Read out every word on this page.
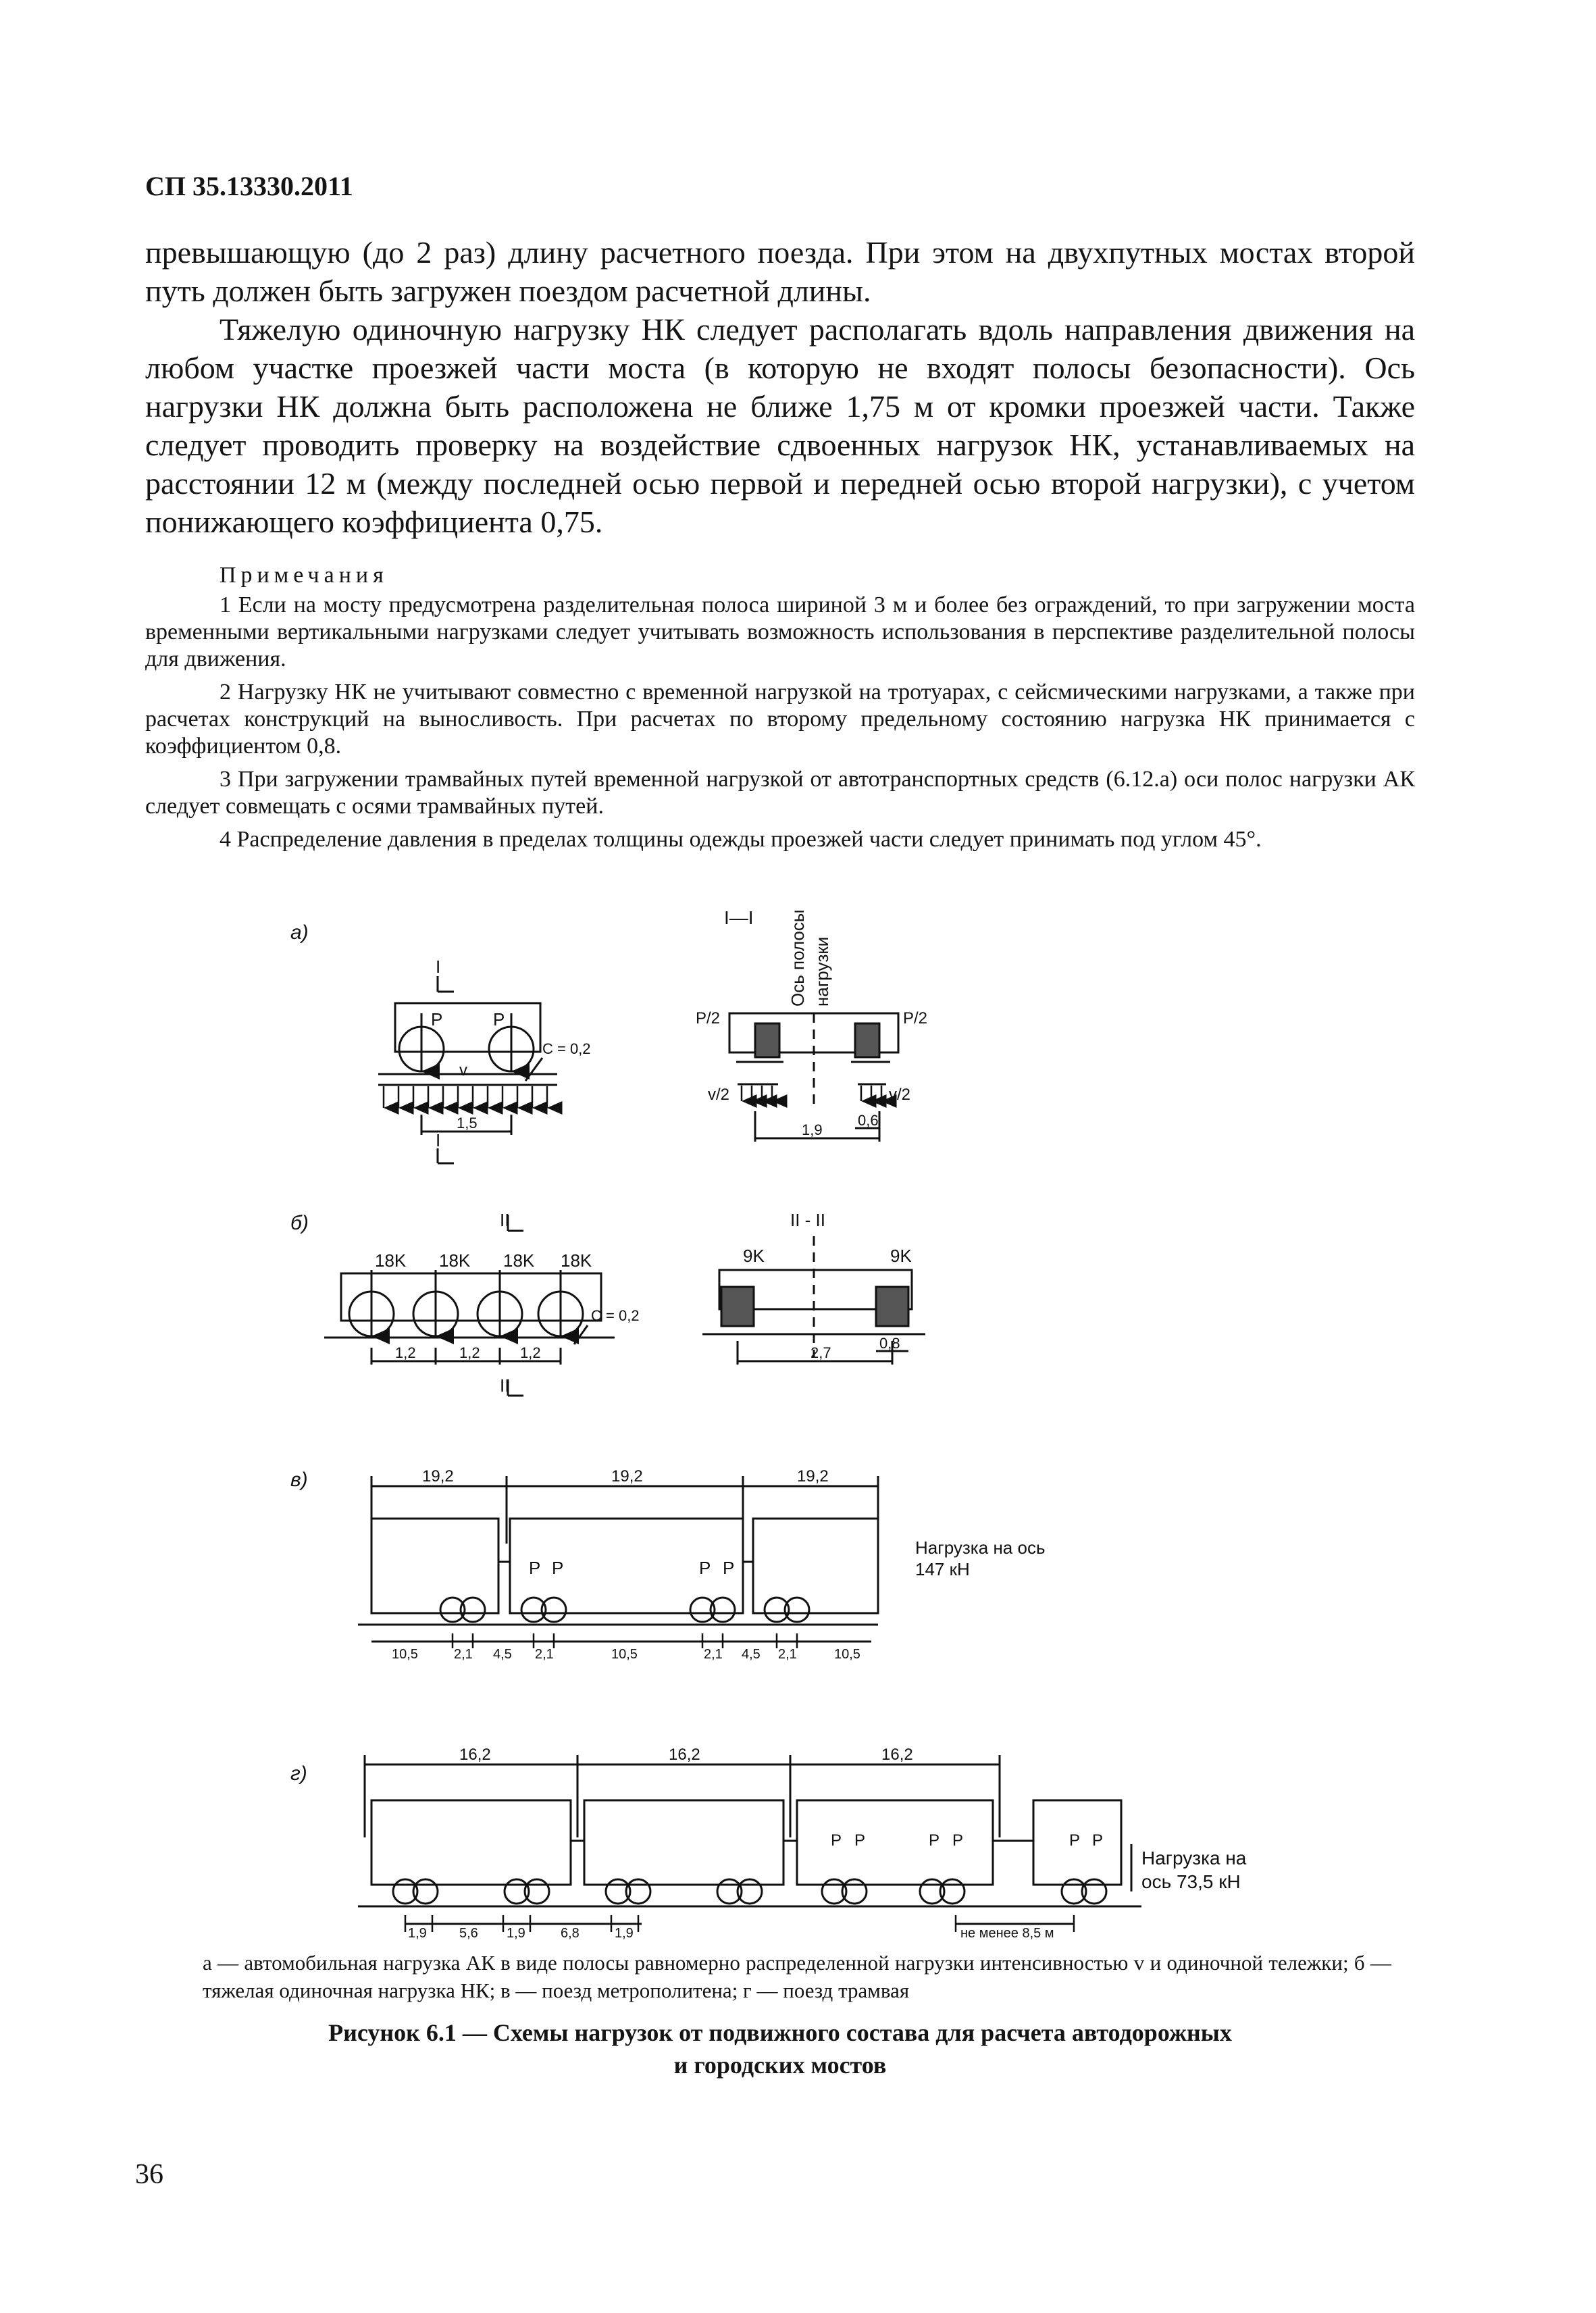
СП 35.13330.2011

превышающую (до 2 раз) длину расчетного поезда. При этом на двухпутных мостах второй путь должен быть загружен поездом расчетной длины.

Тяжелую одиночную нагрузку НК следует располагать вдоль направления движения на любом участке проезжей части моста (в которую не входят полосы безопасности). Ось нагрузки НК должна быть расположена не ближе 1,75 м от кромки проезжей части. Также следует проводить проверку на воздействие сдвоенных нагрузок НК, устанавливаемых на расстоянии 12 м (между последней осью первой и передней осью второй нагрузки), с учетом понижающего коэффициента 0,75.

Примечания

1 Если на мосту предусмотрена разделительная полоса шириной 3 м и более без ограждений, то при загружении моста временными вертикальными нагрузками следует учитывать возможность использования в перспективе разделительной полосы для движения.

2 Нагрузку НК не учитывают совместно с временной нагрузкой на тротуарах, с сейсмическими нагрузками, а также при расчетах конструкций на выносливость. При расчетах по второму предельному состоянию нагрузка НК принимается с коэффициентом 0,8.

3 При загружении трамвайных путей временной нагрузкой от автотранспортных средств (6.12.а) оси полос нагрузки АК следует совмещать с осями трамвайных путей.

4 Распределение давления в пределах толщины одежды проезжей части следует принимать под углом 45°.

а)
I
P	P
C = 0,2
v
1,5
I
I—I Ось полосы нагрузки
P/2	P/2
v/2	v/2
1,9
0,6
б)	II
18K 18K 18K 18K
C = 0,2
1,2	1,2	1,2
II
II - II
9K	9K
2,7
0,8
в)	19,2	19,2	19,2
P P	P P
10,5	2,1 4,5 2,1	10,5	2,1 4,5 2,1	10,5
Нагрузка на ось
147 кН
г)
16,2	16,2	16,2
P P	P P	P P
1,9 5,6 1,9	6,8	1,9	не менее 8,5 м
Нагрузка на
ось 73,5 кН
а — автомобильная нагрузка АК в виде полосы равномерно распределенной нагрузки интенсивностью v и одиночной тележки; б — тяжелая одиночная нагрузка НК; в — поезд метрополитена; г — поезд трамвая
Рисунок 6.1 — Схемы нагрузок от подвижного состава для расчета автодорожных
и городских мостов
36
